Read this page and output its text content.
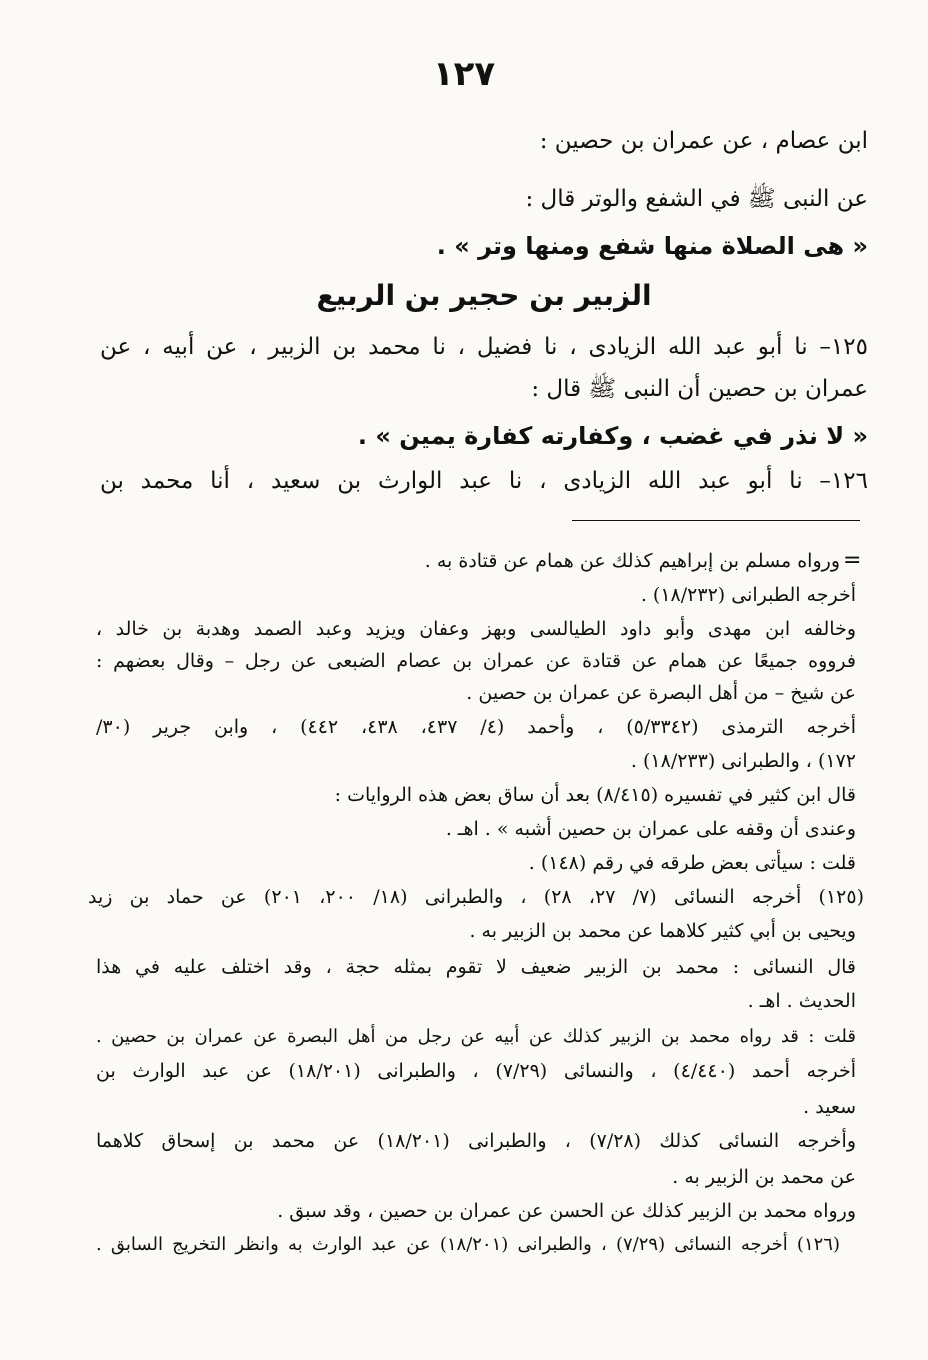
١٢٧
ابن عصام ، عن عمران بن حصين :
عن النبى ﷺ في الشفع والوتر قال :
« هى الصلاة منها شفع ومنها وتر » .
الزبير بن حجير بن الربيع
١٢٥– نا أبو عبد الله الزيادى ، نا فضيل ، نا محمد بن الزبير ، عن أبيه ، عن
عمران بن حصين أن النبى ﷺ قال :
« لا نذر في غضب ، وكفارته كفارة يمين » .
١٢٦– نا أبو عبد الله الزيادى ، نا عبد الوارث بن سعيد ، أنا محمد بن
=
ورواه مسلم بن إبراهيم كذلك عن همام عن قتادة به .
أخرجه الطبرانى (١٨/٢٣٢) .
وخالفه ابن مهدى وأبو داود الطيالسى وبهز وعفان ويزيد وعبد الصمد وهدبة بن خالد ،
فرووه جميعًا عن همام عن قتادة عن عمران بن عصام الضبعى عن رجل – وقال بعضهم :
عن شيخ – من أهل البصرة عن عمران بن حصين .
أخرجه الترمذى (٥/٣٣٤٢) ، وأحمد (٤/ ٤٣٧، ٤٣٨، ٤٤٢) ، وابن جرير (٣٠/
١٧٢) ، والطبرانى (١٨/٢٣٣) .
قال ابن كثير في تفسيره (٨/٤١٥) بعد أن ساق بعض هذه الروايات :
وعندى أن وقفه على عمران بن حصين أشبه » . اهـ .
قلت : سيأتى بعض طرقه في رقم (١٤٨) .
(١٢٥) أخرجه النسائى (٧/ ٢٧، ٢٨) ، والطبرانى (١٨/ ٢٠٠، ٢٠١) عن حماد بن زيد
ويحيى بن أبي كثير كلاهما عن محمد بن الزبير به .
قال النسائى : محمد بن الزبير ضعيف لا تقوم بمثله حجة ، وقد اختلف عليه في هذا
الحديث . اهـ .
قلت : قد رواه محمد بن الزبير كذلك عن أبيه عن رجل من أهل البصرة عن عمران بن حصين .
أخرجه أحمد (٤/٤٤٠) ، والنسائى (٧/٢٩) ، والطبرانى (١٨/٢٠١) عن عبد الوارث بن
سعيد .
وأخرجه النسائى كذلك (٧/٢٨) ، والطبرانى (١٨/٢٠١) عن محمد بن إسحاق كلاهما
عن محمد بن الزبير به .
ورواه محمد بن الزبير كذلك عن الحسن عن عمران بن حصين ، وقد سبق .
(١٢٦) أخرجه النسائى (٧/٢٩) ، والطبرانى (١٨/٢٠١) عن عبد الوارث به وانظر التخريج السابق .
